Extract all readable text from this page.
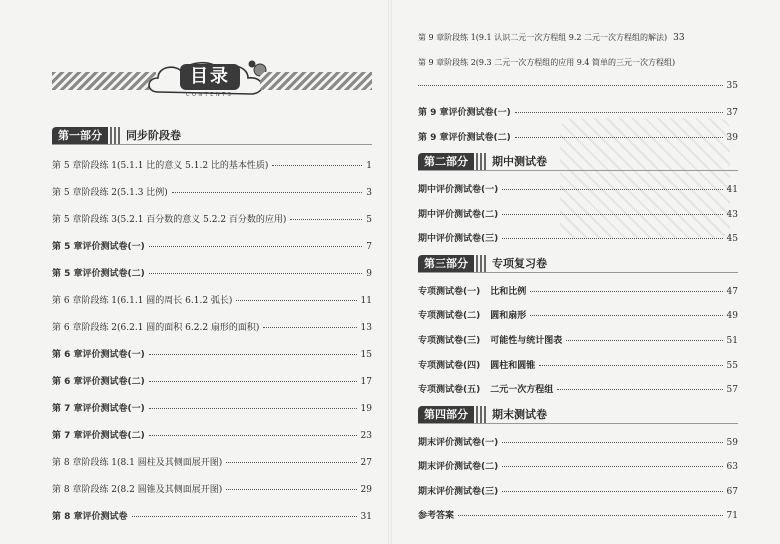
目录
CONTENTS
第一部分	同步阶段卷
第 5 章阶段练 1(5.1.1 比的意义 5.1.2 比的基本性质)	1
第 5 章阶段练 2(5.1.3 比例)	3
第 5 章阶段练 3(5.2.1 百分数的意义 5.2.2 百分数的应用)	5
第 5 章评价测试卷(一)	7
第 5 章评价测试卷(二)	9
第 6 章阶段练 1(6.1.1 圆的周长 6.1.2 弧长)	11
第 6 章阶段练 2(6.2.1 圆的面积 6.2.2 扇形的面积)	13
第 6 章评价测试卷(一)	15
第 6 章评价测试卷(二)	17
第 7 章评价测试卷(一)	19
第 7 章评价测试卷(二)	23
第 8 章阶段练 1(8.1 圆柱及其侧面展开图)	27
第 8 章阶段练 2(8.2 圆锥及其侧面展开图)	29
第 8 章评价测试卷	31
第 9 章阶段练 1(9.1 认识二元一次方程组 9.2 二元一次方程组的解法) 33
第 9 章阶段练 2(9.3 二元一次方程组的应用 9.4 简单的三元一次方程组)
35
第 9 章评价测试卷(一)	37
第 9 章评价测试卷(二)	39
第二部分	期中测试卷
期中评价测试卷(一)	41
期中评价测试卷(二)	43
期中评价测试卷(三)	45
第三部分	专项复习卷
专项测试卷(一) 比和比例	47
专项测试卷(二) 圆和扇形	49
专项测试卷(三) 可能性与统计图表	51
专项测试卷(四) 圆柱和圆锥	55
专项测试卷(五) 二元一次方程组	57
第四部分	期末测试卷
期末评价测试卷(一)	59
期末评价测试卷(二)	63
期末评价测试卷(三)	67
参考答案	71
